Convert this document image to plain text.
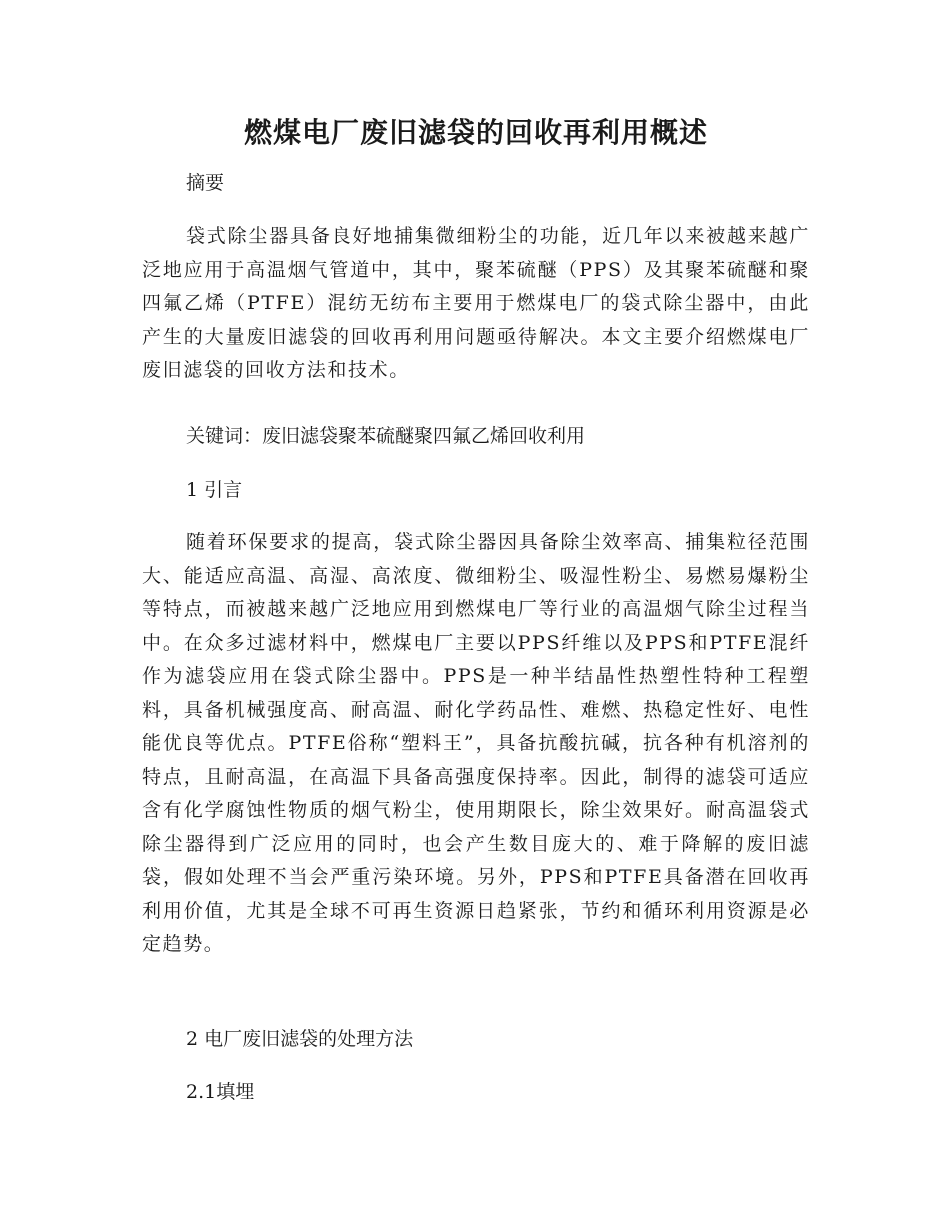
燃煤电厂废旧滤袋的回收再利用概述
摘要
袋式除尘器具备良好地捕集微细粉尘的功能，近几年以来被越来越广泛地应用于高温烟气管道中，其中，聚苯硫醚（PPS）及其聚苯硫醚和聚四氟乙烯（PTFE）混纺无纺布主要用于燃煤电厂的袋式除尘器中，由此产生的大量废旧滤袋的回收再利用问题亟待解决。本文主要介绍燃煤电厂废旧滤袋的回收方法和技术。
关键词：废旧滤袋聚苯硫醚聚四氟乙烯回收利用
1 引言
随着环保要求的提高，袋式除尘器因具备除尘效率高、捕集粒径范围大、能适应高温、高湿、高浓度、微细粉尘、吸湿性粉尘、易燃易爆粉尘等特点，而被越来越广泛地应用到燃煤电厂等行业的高温烟气除尘过程当中。在众多过滤材料中，燃煤电厂主要以PPS纤维以及PPS和PTFE混纤作为滤袋应用在袋式除尘器中。PPS是一种半结晶性热塑性特种工程塑料，具备机械强度高、耐高温、耐化学药品性、难燃、热稳定性好、电性能优良等优点。PTFE俗称“塑料王”，具备抗酸抗碱，抗各种有机溶剂的特点，且耐高温，在高温下具备高强度保持率。因此，制得的滤袋可适应含有化学腐蚀性物质的烟气粉尘，使用期限长，除尘效果好。耐高温袋式除尘器得到广泛应用的同时，也会产生数目庞大的、难于降解的废旧滤袋，假如处理不当会严重污染环境。另外，PPS和PTFE具备潜在回收再利用价值，尤其是全球不可再生资源日趋紧张，节约和循环利用资源是必定趋势。
2 电厂废旧滤袋的处理方法
2.1填埋
